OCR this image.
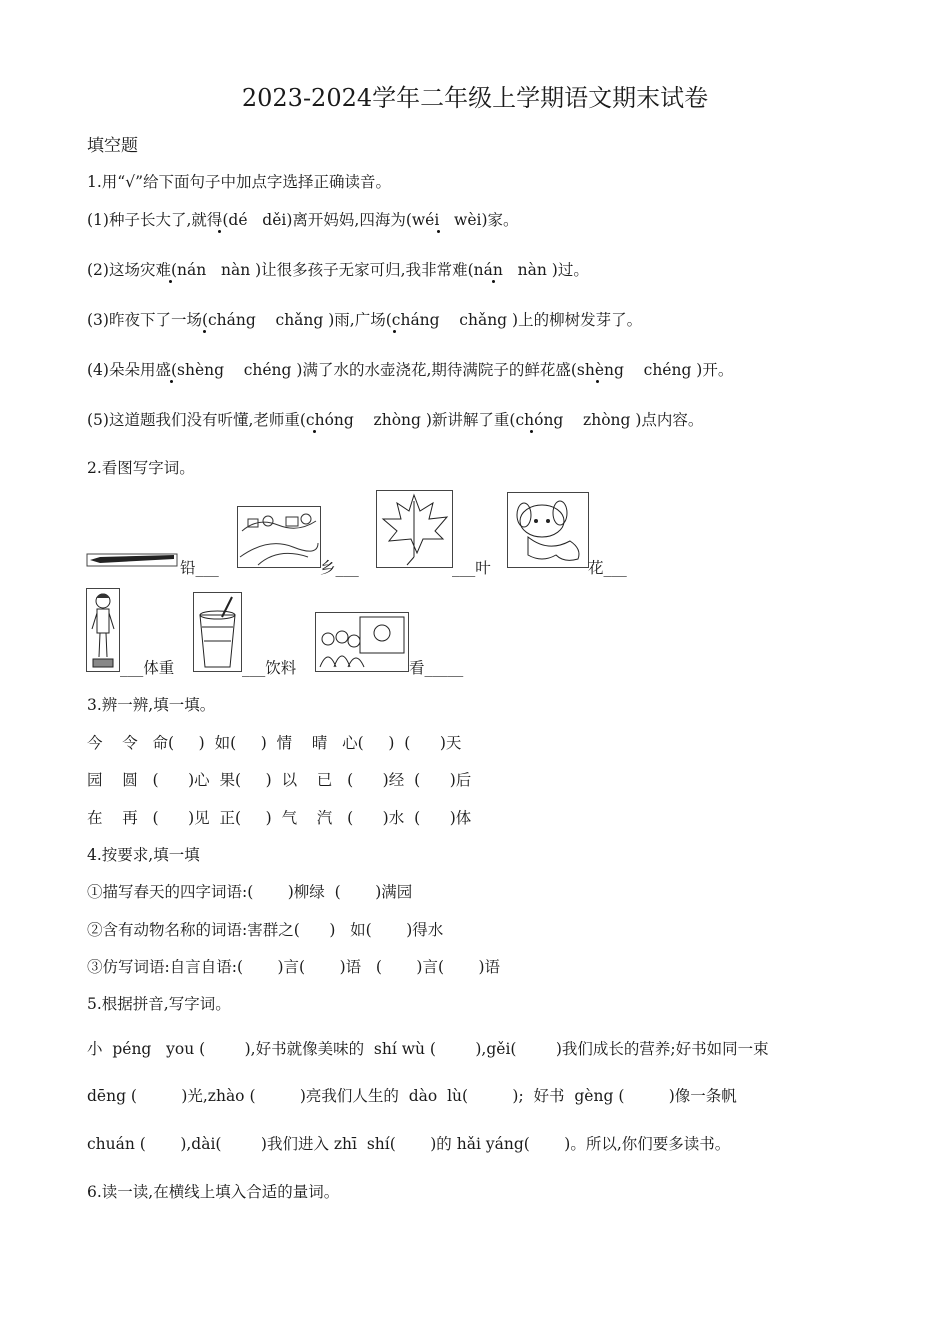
2023-2024学年二年级上学期语文期末试卷
填空题
1.用“√”给下面句子中加点字选择正确读音。
(1)种子长大了,就得(dé   děi)离开妈妈,四海为(wéi   wèi)家。
(2)这场灾难(nán   nàn )让很多孩子无家可归,我非常难(nán   nàn )过。
(3)昨夜下了一场(cháng    chǎng )雨,广场(cháng    chǎng )上的柳树发芽了。
(4)朵朵用盛(shèng    chéng )满了水的水壶浇花,期待满院子的鲜花盛(shèng    chéng )开。
(5)这道题我们没有听懂,老师重(chóng    zhòng )新讲解了重(chóng    zhòng )点内容。
2.看图写字词。
铅___	乡___	___叶	花___
___体重	___饮料	看_____
3.辨一辨,填一填。
今    令   命(     )  如(     )  情    晴   心(     )  (      )天
园    圆   (      )心  果(     )  以    已   (      )经  (      )后
在    再   (      )见  正(     )  气    汽   (      )水  (      )体
4.按要求,填一填
①描写春天的四字词语:(       )柳绿  (       )满园
②含有动物名称的词语:害群之(      )   如(       )得水
③仿写词语:自言自语:(       )言(       )语   (       )言(       )语
5.根据拼音,写字词。
小  péng   you (        ),好书就像美味的  shí wù (        ),gěi(        )我们成长的营养;好书如同一束
dēng (         )光,zhào (         )亮我们人生的  dào  lù(         );  好书  gèng (         )像一条帆
chuán (       ),dài(        )我们进入 zhī  shí(       )的 hǎi yáng(       )。所以,你们要多读书。
6.读一读,在横线上填入合适的量词。
